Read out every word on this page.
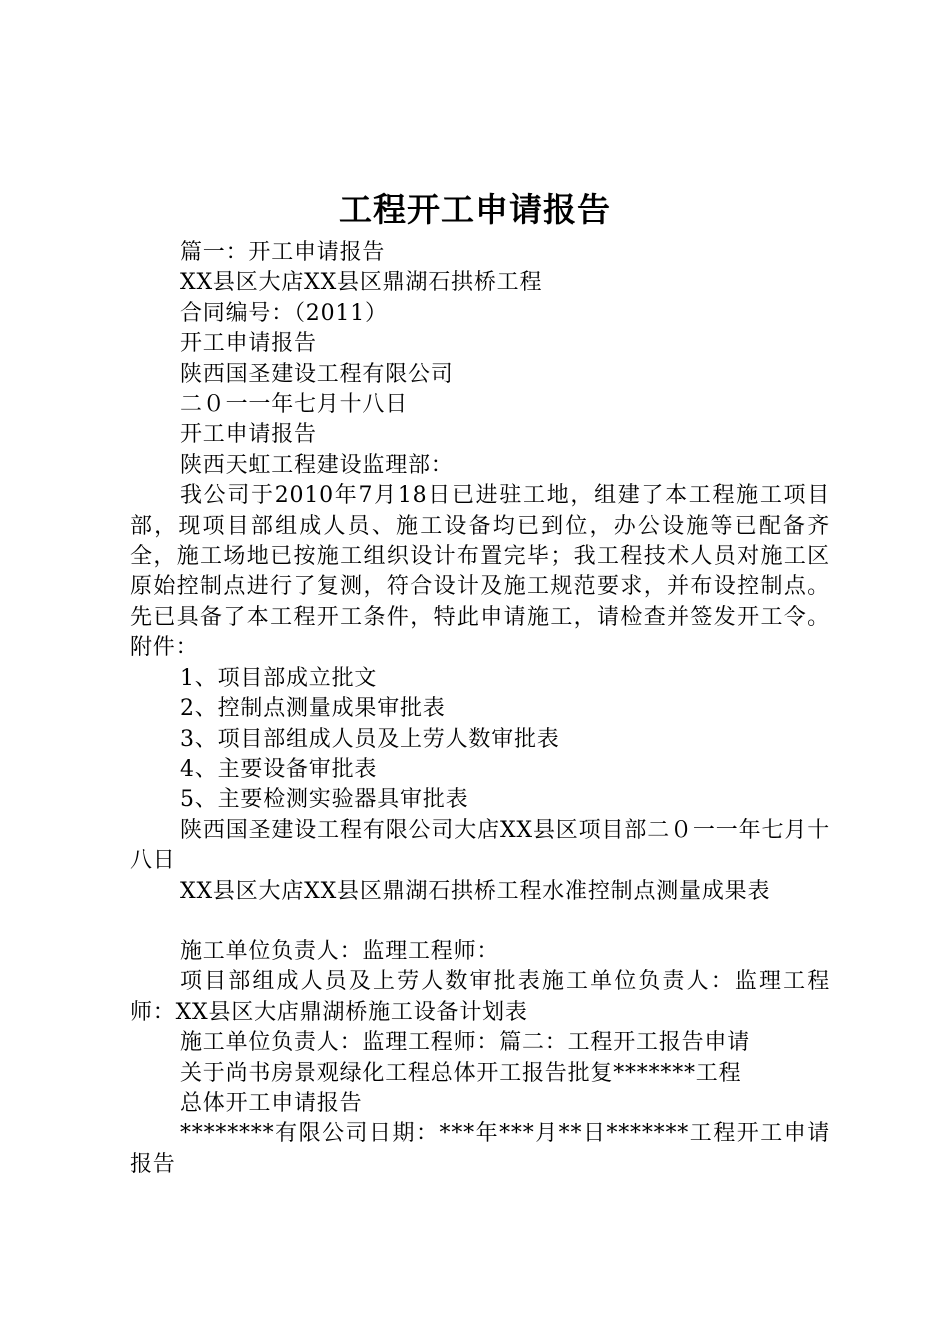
工程开工申请报告

篇一：开工申请报告

XX县区大店XX县区鼎湖石拱桥工程

合同编号：（2011）

开工申请报告

陕西国圣建设工程有限公司

二０一一年七月十八日

开工申请报告

陕西天虹工程建设监理部：

我公司于2010年7月18日已进驻工地，组建了本工程施工项目部，现项目部组成人员、施工设备均已到位，办公设施等已配备齐全，施工场地已按施工组织设计布置完毕；我工程技术人员对施工区原始控制点进行了复测，符合设计及施工规范要求，并布设控制点。先已具备了本工程开工条件，特此申请施工，请检查并签发开工令。附件：

1、项目部成立批文

2、控制点测量成果审批表

3、项目部组成人员及上劳人数审批表

4、主要设备审批表

5、主要检测实验器具审批表

陕西国圣建设工程有限公司大店XX县区项目部二０一一年七月十八日

XX县区大店XX县区鼎湖石拱桥工程水准控制点测量成果表

施工单位负责人：监理工程师：

项目部组成人员及上劳人数审批表施工单位负责人：监理工程师：XX县区大店鼎湖桥施工设备计划表

施工单位负责人：监理工程师：篇二：工程开工报告申请

关于尚书房景观绿化工程总体开工报告批复*******工程

总体开工申请报告

********有限公司日期：***年***月**日*******工程开工申请报告
